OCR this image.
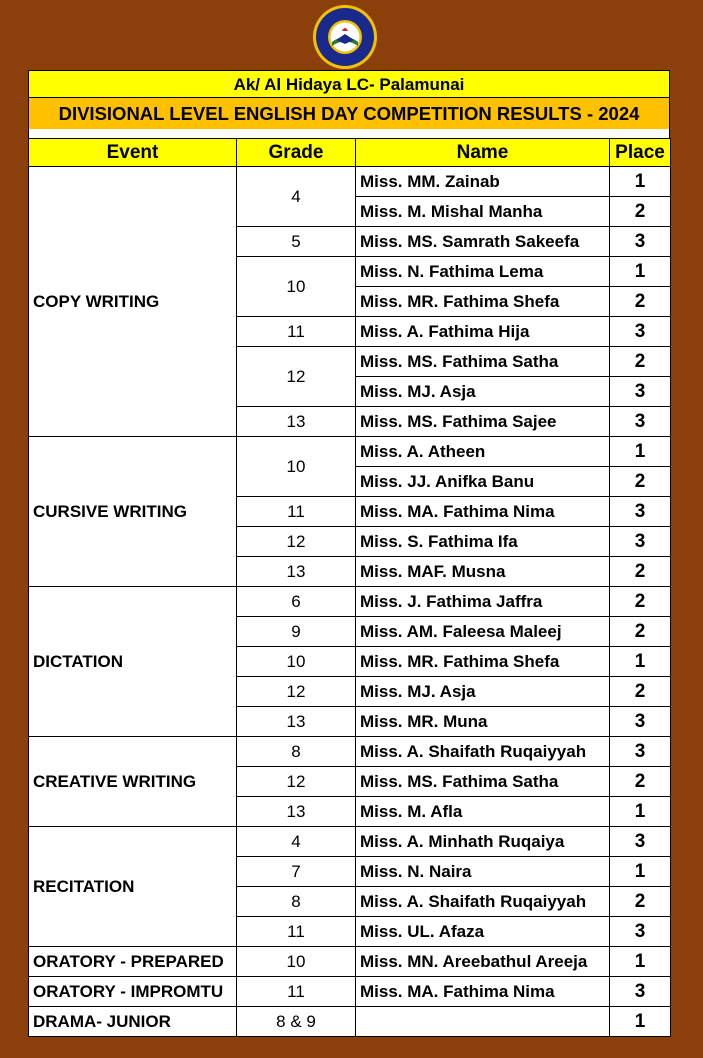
Ak/ Al Hidaya LC- Palamunai
DIVISIONAL LEVEL ENGLISH DAY COMPETITION RESULTS - 2024
Event	Grade	Name	Place
COPY WRITING	4	Miss. MM. Zainab	1
		Miss. M. Mishal Manha	2
	5	Miss. MS. Samrath Sakeefa	3
	10	Miss. N. Fathima Lema	1
		Miss. MR. Fathima Shefa	2
	11	Miss. A. Fathima Hija	3
	12	Miss. MS. Fathima Satha	2
		Miss. MJ. Asja	3
	13	Miss. MS. Fathima Sajee	3
CURSIVE WRITING	10	Miss. A. Atheen	1
		Miss. JJ. Anifka Banu	2
	11	Miss. MA. Fathima Nima	3
	12	Miss. S. Fathima Ifa	3
	13	Miss. MAF. Musna	2
DICTATION	6	Miss. J. Fathima Jaffra	2
	9	Miss. AM. Faleesa Maleej	2
	10	Miss. MR. Fathima Shefa	1
	12	Miss. MJ. Asja	2
	13	Miss. MR. Muna	3
CREATIVE WRITING	8	Miss. A. Shaifath Ruqaiyyah	3
	12	Miss. MS. Fathima Satha	2
	13	Miss. M. Afla	1
RECITATION	4	Miss. A. Minhath Ruqaiya	3
	7	Miss. N. Naira	1
	8	Miss. A. Shaifath Ruqaiyyah	2
	11	Miss. UL. Afaza	3
ORATORY - PREPARED	10	Miss. MN. Areebathul Areeja	1
ORATORY - IMPROMTU	11	Miss. MA. Fathima Nima	3
DRAMA- JUNIOR	8 & 9		1
